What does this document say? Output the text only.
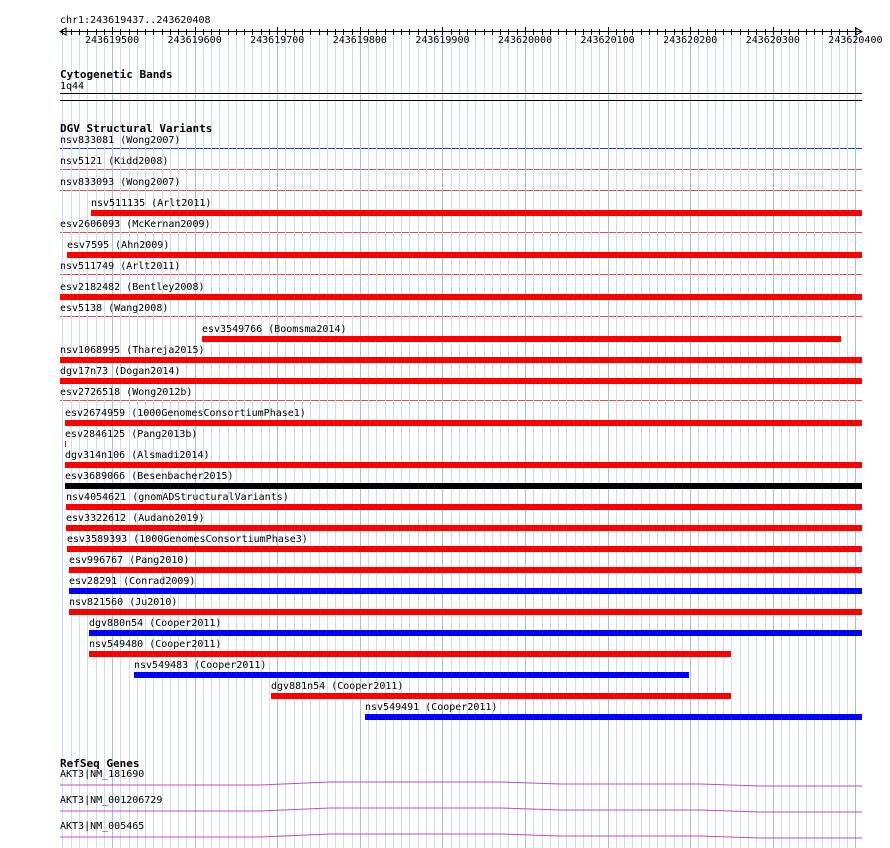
chr1:243619437..243620408
243619500	243619600	243619700	243619800	243619900	243620000	243620100	243620200	243620300	243620400
Cytogenetic Bands
1q44
DGV Structural Variants
nsv833081 (Wong2007)
nsv5121 (Kidd2008)
nsv833093 (Wong2007)
nsv511135 (Arlt2011)
esv2606093 (McKernan2009)
esv7595 (Ahn2009)
nsv511749 (Arlt2011)
esv2182482 (Bentley2008)
esv5138 (Wang2008)
esv3549766 (Boomsma2014)
nsv1068995 (Thareja2015)
dgv17n73 (Dogan2014)
esv2726518 (Wong2012b)
esv2674959 (1000GenomesConsortiumPhase1)
esv2846125 (Pang2013b)
dgv314n106 (Alsmadi2014)
esv3689066 (Besenbacher2015)
nsv4054621 (gnomADStructuralVariants)
esv3322612 (Audano2019)
esv3589393 (1000GenomesConsortiumPhase3)
esv996767 (Pang2010)
esv28291 (Conrad2009)
nsv821560 (Ju2010)
dgv880n54 (Cooper2011)
nsv549480 (Cooper2011)
nsv549483 (Cooper2011)
dgv881n54 (Cooper2011)
nsv549491 (Cooper2011)
RefSeq Genes
AKT3|NM_181690
AKT3|NM_001206729
AKT3|NM_005465
